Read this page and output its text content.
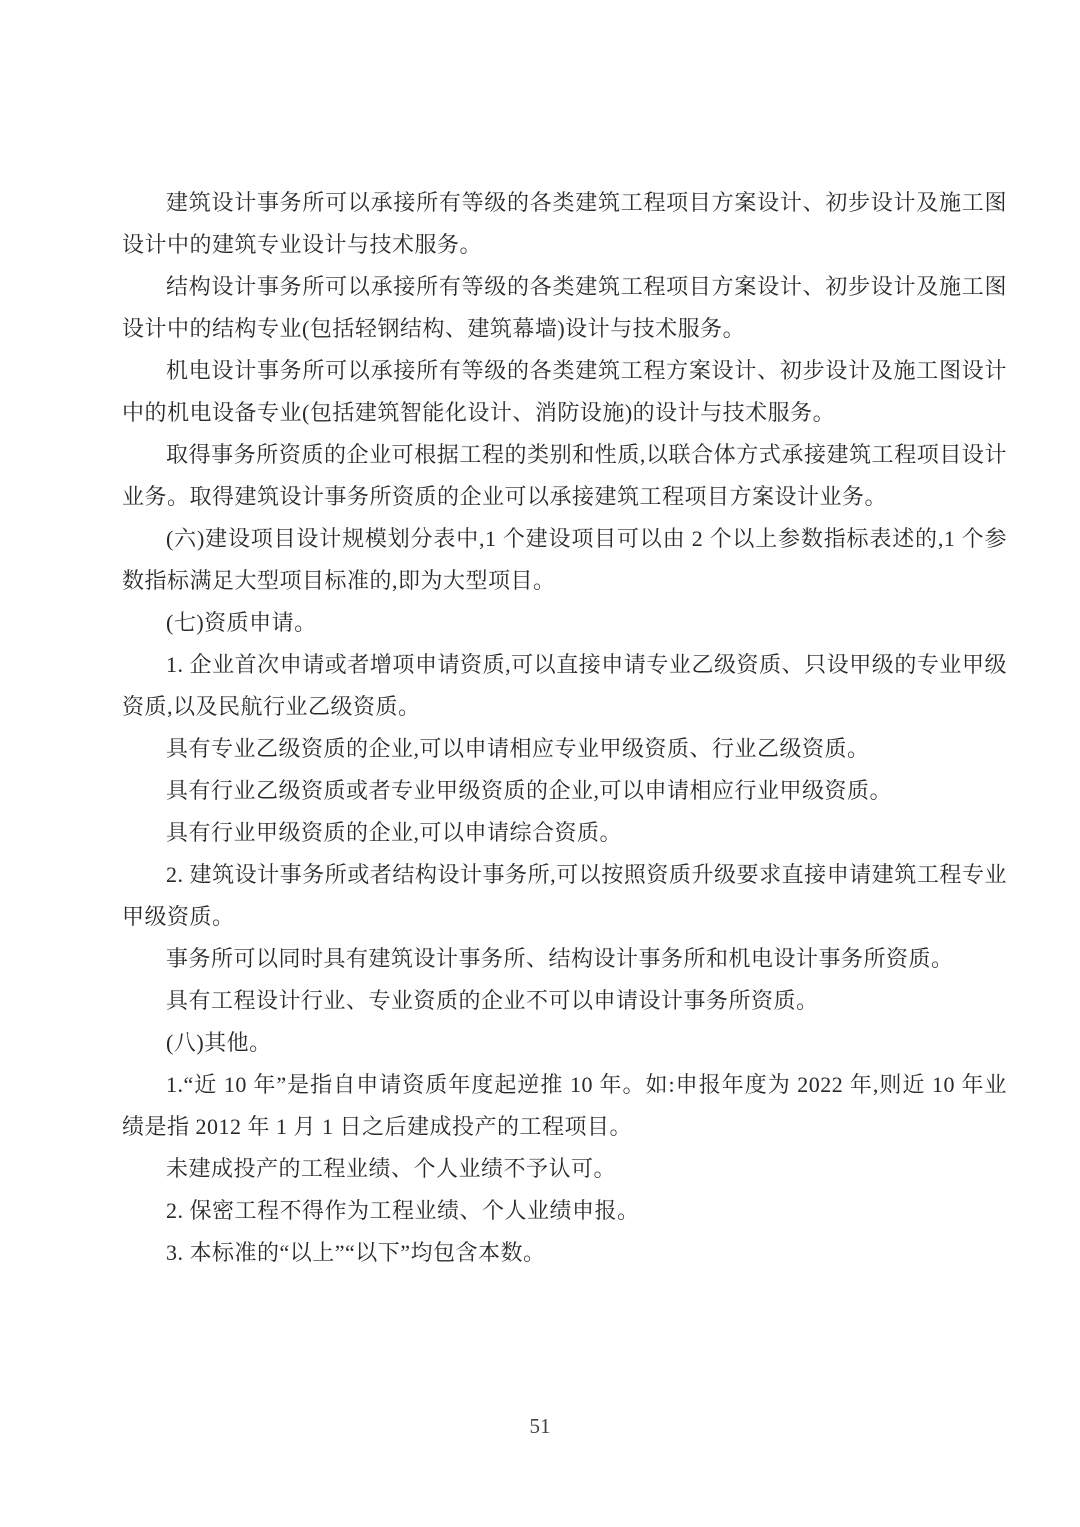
建筑设计事务所可以承接所有等级的各类建筑工程项目方案设计、初步设计及施工图设计中的建筑专业设计与技术服务。

结构设计事务所可以承接所有等级的各类建筑工程项目方案设计、初步设计及施工图设计中的结构专业(包括轻钢结构、建筑幕墙)设计与技术服务。

机电设计事务所可以承接所有等级的各类建筑工程方案设计、初步设计及施工图设计中的机电设备专业(包括建筑智能化设计、消防设施)的设计与技术服务。

取得事务所资质的企业可根据工程的类别和性质,以联合体方式承接建筑工程项目设计业务。取得建筑设计事务所资质的企业可以承接建筑工程项目方案设计业务。

(六)建设项目设计规模划分表中,1 个建设项目可以由 2 个以上参数指标表述的,1 个参数指标满足大型项目标准的,即为大型项目。

(七)资质申请。

1. 企业首次申请或者增项申请资质,可以直接申请专业乙级资质、只设甲级的专业甲级资质,以及民航行业乙级资质。

具有专业乙级资质的企业,可以申请相应专业甲级资质、行业乙级资质。

具有行业乙级资质或者专业甲级资质的企业,可以申请相应行业甲级资质。

具有行业甲级资质的企业,可以申请综合资质。

2. 建筑设计事务所或者结构设计事务所,可以按照资质升级要求直接申请建筑工程专业甲级资质。

事务所可以同时具有建筑设计事务所、结构设计事务所和机电设计事务所资质。

具有工程设计行业、专业资质的企业不可以申请设计事务所资质。

(八)其他。

1.“近 10 年”是指自申请资质年度起逆推 10 年。如:申报年度为 2022 年,则近 10 年业绩是指 2012 年 1 月 1 日之后建成投产的工程项目。

未建成投产的工程业绩、个人业绩不予认可。

2. 保密工程不得作为工程业绩、个人业绩申报。

3. 本标准的“以上”“以下”均包含本数。

51
